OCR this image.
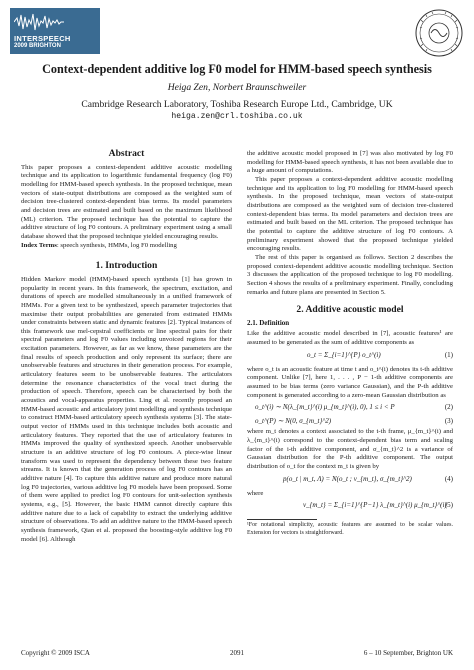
INTERSPEECH
2009 BRIGHTON
Context-dependent additive log F0 model for HMM-based speech synthesis
Heiga Zen, Norbert Braunschweiler
Cambridge Research Laboratory, Toshiba Research Europe Ltd., Cambridge, UK
heiga.zen@crl.toshiba.co.uk
Abstract

This paper proposes a context-dependent additive acoustic modelling technique and its application to logarithmic fundamental frequency (log F0) modelling for HMM-based speech synthesis. In the proposed technique, mean vectors of state-output distributions are composed as the weighted sum of decision tree-clustered context-dependent bias terms. Its model parameters and decision trees are estimated and built based on the maximum likelihood (ML) criterion. The proposed technique has the potential to capture the additive structure of log F0 contours. A preliminary experiment using a small database showed that the proposed technique yielded encouraging results.

Index Terms: speech synthesis, HMMs, log F0 modelling

1. Introduction

Hidden Markov model (HMM)-based speech synthesis [1] has grown in popularity in recent years. In this framework, the spectrum, excitation, and durations of speech are modelled simultaneously in a unified framework of HMMs. For a given text to be synthesized, speech parameter trajectories that maximise their output probabilities are generated from estimated HMMs under constraints between static and dynamic features [2]. Typical instances of this framework use mel-cepstral coefficients or line spectral pairs for their spectral parameters and log F0 values including unvoiced regions for their excitation parameters. However, as far as we know, these parameters are the final results of speech production and only represent its surface; there are unobservable features and structures in their generation process. For example, articulatory features seem to be unobservable features. The articulators determine the resonance characteristics of the vocal tract during the production of speech. Therefore, speech can be characterised by both the acoustics and vocal-apparatus properties. Ling et al. recently proposed an HMM-based acoustic and articulatory joint modelling and synthesis technique to construct HMM-based articulatory speech synthesis systems [3]. The state-output vector of HMMs used in this technique includes both acoustic and articulatory features. They reported that the use of articulatory features in HMMs improved the quality of synthesized speech. Another unobservable structure is an additive structure of log F0 contours. A piece-wise linear transform was used to represent the dependency between these two feature streams. It is known that the generation process of log F0 contours has an additive nature [4]. To capture this additive nature and produce more natural log F0 trajectories, various additive log F0 models have been proposed. Some of them were applied to predict log F0 contours for unit-selection synthesis systems, e.g., [5]. However, the basic HMM cannot directly capture this additive nature due to a lack of capability to extract the underlying additive structure of observations. To add an additive nature to the HMM-based speech synthesis framework, Qian et al. proposed the boosting-style additive log F0 model [6]. Although

the additive acoustic model proposed in [7] was also motivated by log F0 modelling for HMM-based speech synthesis, it has not been available due to a huge amount of computations.

This paper proposes a context-dependent additive acoustic modelling technique and its application to log F0 modelling for HMM-based speech synthesis. In the proposed technique, mean vectors of state-output distributions are composed as the weighted sum of decision tree-clustered context-dependent bias terms. Its model parameters and decision trees are estimated and built based on the ML criterion. The proposed technique has the potential to capture the additive structure of log F0 contours. A preliminary experiment showed that the proposed technique yielded encouraging results.

The rest of this paper is organised as follows. Section 2 describes the proposed context-dependent additive acoustic modelling technique. Section 3 discusses the application of the proposed technique to log F0 modelling. Section 4 shows the results of a preliminary experiment. Finally, concluding remarks and future plans are presented in Section 5.

2. Additive acoustic model
2.1. Definition

Like the additive acoustic model described in [7], acoustic features¹ are assumed to be generated as the sum of additive components as

o_t = Σ_{i=1}^{P} o_t^(i)	(1)

where o_t is an acoustic feature at time t and o_t^(i) denotes its t-th additive component. Unlike [7], here 1, . . . , P − 1-th additive components are assumed to be bias terms (zero variance Gaussian), and the P-th additive component is generated according to a zero-mean Gaussian distribution as

o_t^(i) ∼ N(λ_{m_t}^(i) μ_{m_t}^(i), 0), 1 ≤ i < P	(2)
o_t^(P) ∼ N(0, σ_{m_t}^2)	(3)

where m_t denotes a context associated to the t-th frame, μ_{m_t}^(i) and λ_{m_t}^(i) correspond to the context-dependent bias term and scaling factor of the i-th additive component, and σ_{m_t}^2 is a variance of Gaussian distribution for the P-th additive component. The output distribution of o_t for the context m_t is given by

p(o_t | m_t, Λ) = N(o_t ; ν_{m_t}, σ_{m_t}^2)	(4)

where

ν_{m_t} = Σ_{i=1}^{P−1} λ_{m_t}^(i) μ_{m_t}^(i)
(5)

¹For notational simplicity, acoustic features are assumed to be scalar values. Extension for vectors is straightforward.

Copyright © 2009 ISCA	2091	6 – 10 September, Brighton UK
